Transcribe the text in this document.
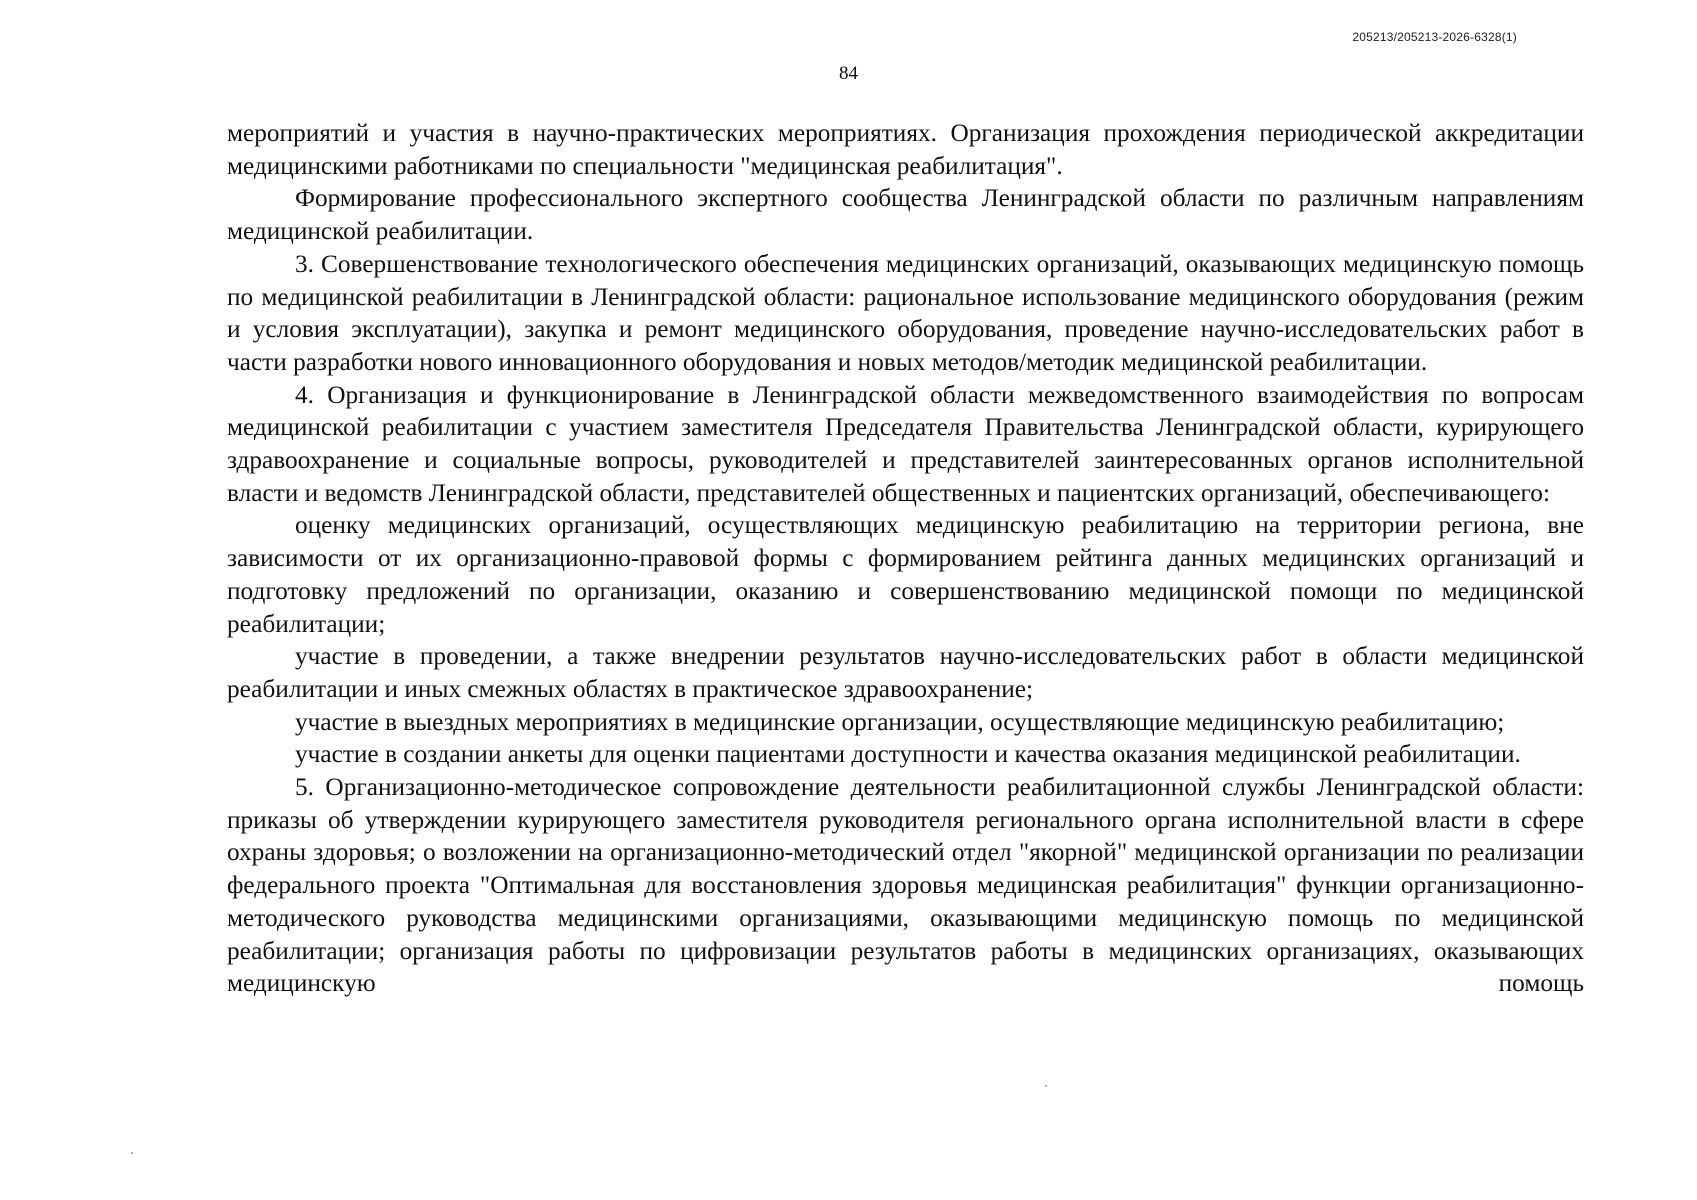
205213/205213-2026-6328(1)
84

мероприятий и участия в научно-практических мероприятиях. Организация прохождения периодической аккредитации медицинскими работниками по специальности "медицинская реабилитация".

Формирование профессионального экспертного сообщества Ленинградской области по различным направлениям медицинской реабилитации.

3. Совершенствование технологического обеспечения медицинских организаций, оказывающих медицинскую помощь по медицинской реабилитации в Ленинградской области: рациональное использование медицинского оборудования (режим и условия эксплуатации), закупка и ремонт медицинского оборудования, проведение научно-исследовательских работ в части разработки нового инновационного оборудования и новых методов/методик медицинской реабилитации.

4. Организация и функционирование в Ленинградской области межведомственного взаимодействия по вопросам медицинской реабилитации с участием заместителя Председателя Правительства Ленинградской области, курирующего здравоохранение и социальные вопросы, руководителей и представителей заинтересованных органов исполнительной власти и ведомств Ленинградской области, представителей общественных и пациентских организаций, обеспечивающего:

оценку медицинских организаций, осуществляющих медицинскую реабилитацию на территории региона, вне зависимости от их организационно-правовой формы с формированием рейтинга данных медицинских организаций и подготовку предложений по организации, оказанию и совершенствованию медицинской помощи по медицинской реабилитации;

участие в проведении, а также внедрении результатов научно-исследовательских работ в области медицинской реабилитации и иных смежных областях в практическое здравоохранение;

участие в выездных мероприятиях в медицинские организации, осуществляющие медицинскую реабилитацию;

участие в создании анкеты для оценки пациентами доступности и качества оказания медицинской реабилитации.

5. Организационно-методическое сопровождение деятельности реабилитационной службы Ленинградской области: приказы об утверждении курирующего заместителя руководителя регионального органа исполнительной власти в сфере охраны здоровья; о возложении на организационно-методический отдел "якорной" медицинской организации по реализации федерального проекта "Оптимальная для восстановления здоровья медицинская реабилитация" функции организационно-методического руководства медицинскими организациями, оказывающими медицинскую помощь по медицинской реабилитации; организация работы по цифровизации результатов работы в медицинских организациях, оказывающих медицинскую помощь
